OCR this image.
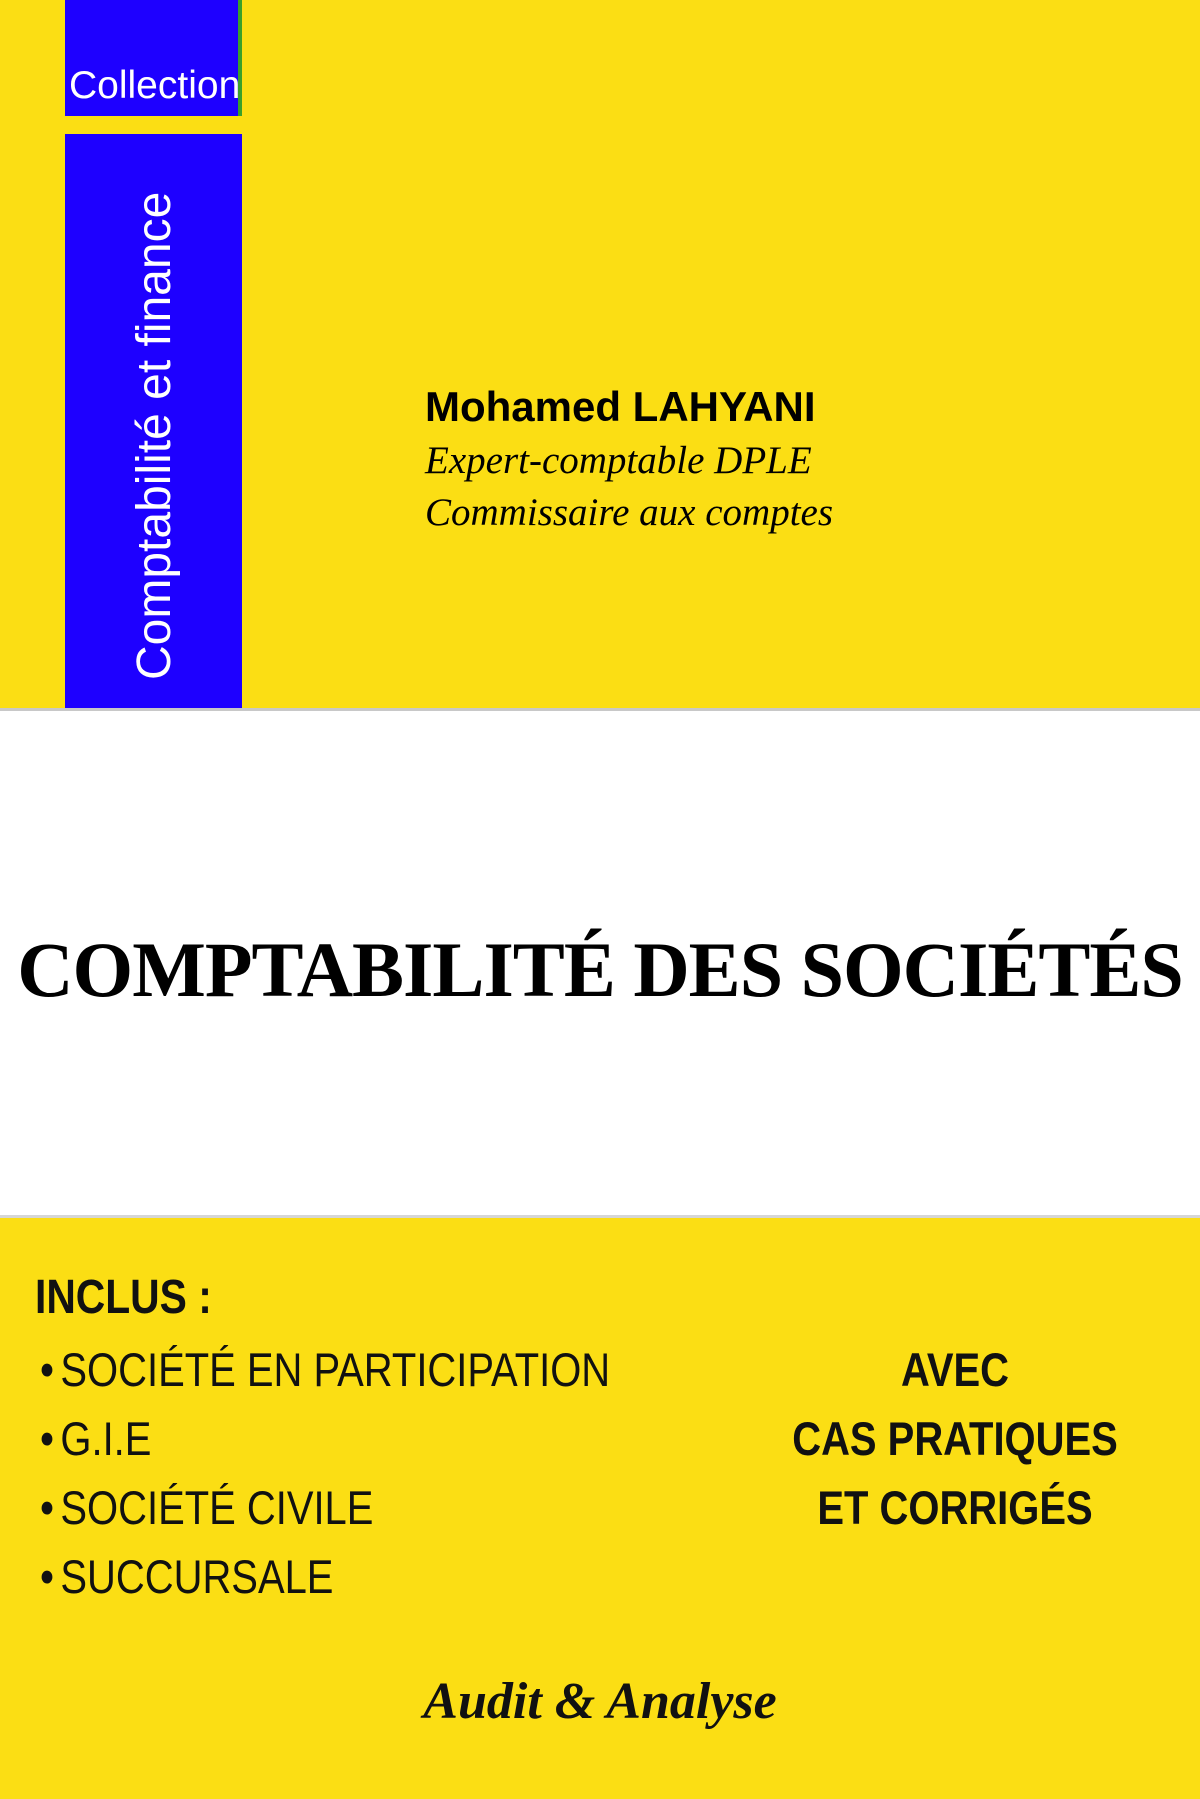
Collection
Comptabilité et finance	Mohamed LAHYANI
Expert-comptable DPLE
Commissaire aux comptes
COMPTABILITÉ DES SOCIÉTÉS
INCLUS :
• SOCIÉTÉ EN PARTICIPATION
• G.I.E
• SOCIÉTÉ CIVILE
• SUCCURSALE
AVEC
CAS PRATIQUES
ET CORRIGÉS
Audit & Analyse
